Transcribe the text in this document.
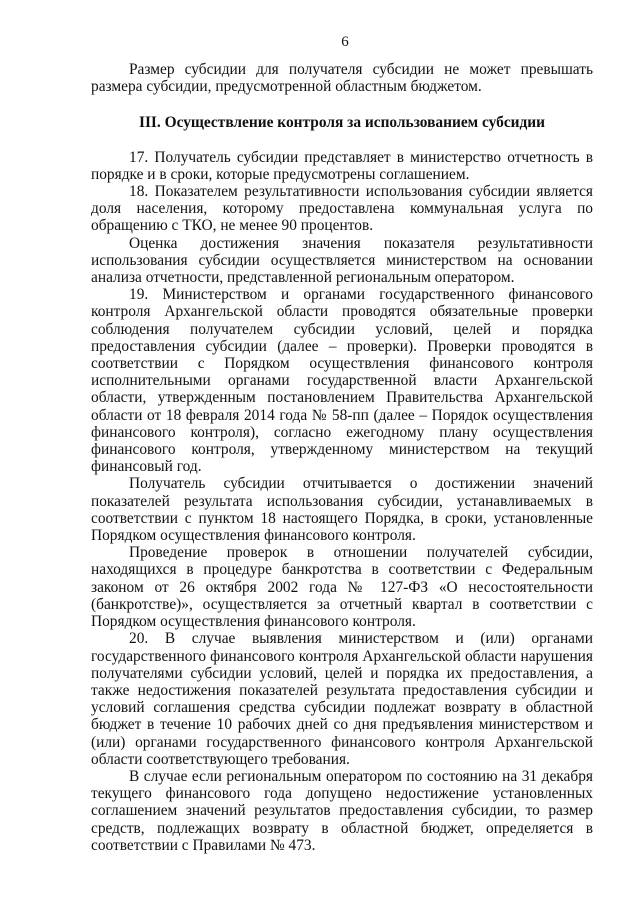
6

Размер субсидии для получателя субсидии не может превышать размера субсидии, предусмотренной областным бюджетом.

III. Осуществление контроля за использованием субсидии

17. Получатель субсидии представляет в министерство отчетность в порядке и в сроки, которые предусмотрены соглашением.

18. Показателем результативности использования субсидии является доля населения, которому предоставлена коммунальная услуга по обращению с ТКО, не менее 90 процентов.

Оценка достижения значения показателя результативности использования субсидии осуществляется министерством на основании анализа отчетности, представленной региональным оператором.

19. Министерством и органами государственного финансового контроля Архангельской области проводятся обязательные проверки соблюдения получателем субсидии условий, целей и порядка предоставления субсидии (далее – проверки). Проверки проводятся в соответствии с Порядком осуществления финансового контроля исполнительными органами государственной власти Архангельской области, утвержденным постановлением Правительства Архангельской области от 18 февраля 2014 года № 58-пп (далее – Порядок осуществления финансового контроля), согласно ежегодному плану осуществления финансового контроля, утвержденному министерством на текущий финансовый год.

Получатель субсидии отчитывается о достижении значений показателей результата использования субсидии, устанавливаемых в соответствии с пунктом 18 настоящего Порядка, в сроки, установленные Порядком осуществления финансового контроля.

Проведение проверок в отношении получателей субсидии, находящихся в процедуре банкротства в соответствии с Федеральным законом от 26 октября 2002 года № 127-ФЗ «О несостоятельности (банкротстве)», осуществляется за отчетный квартал в соответствии с Порядком осуществления финансового контроля.

20. В случае выявления министерством и (или) органами государственного финансового контроля Архангельской области нарушения получателями субсидии условий, целей и порядка их предоставления, а также недостижения показателей результата предоставления субсидии и условий соглашения средства субсидии подлежат возврату в областной бюджет в течение 10 рабочих дней со дня предъявления министерством и (или) органами государственного финансового контроля Архангельской области соответствующего требования.

В случае если региональным оператором по состоянию на 31 декабря текущего финансового года допущено недостижение установленных соглашением значений результатов предоставления субсидии, то размер средств, подлежащих возврату в областной бюджет, определяется в соответствии с Правилами № 473.
